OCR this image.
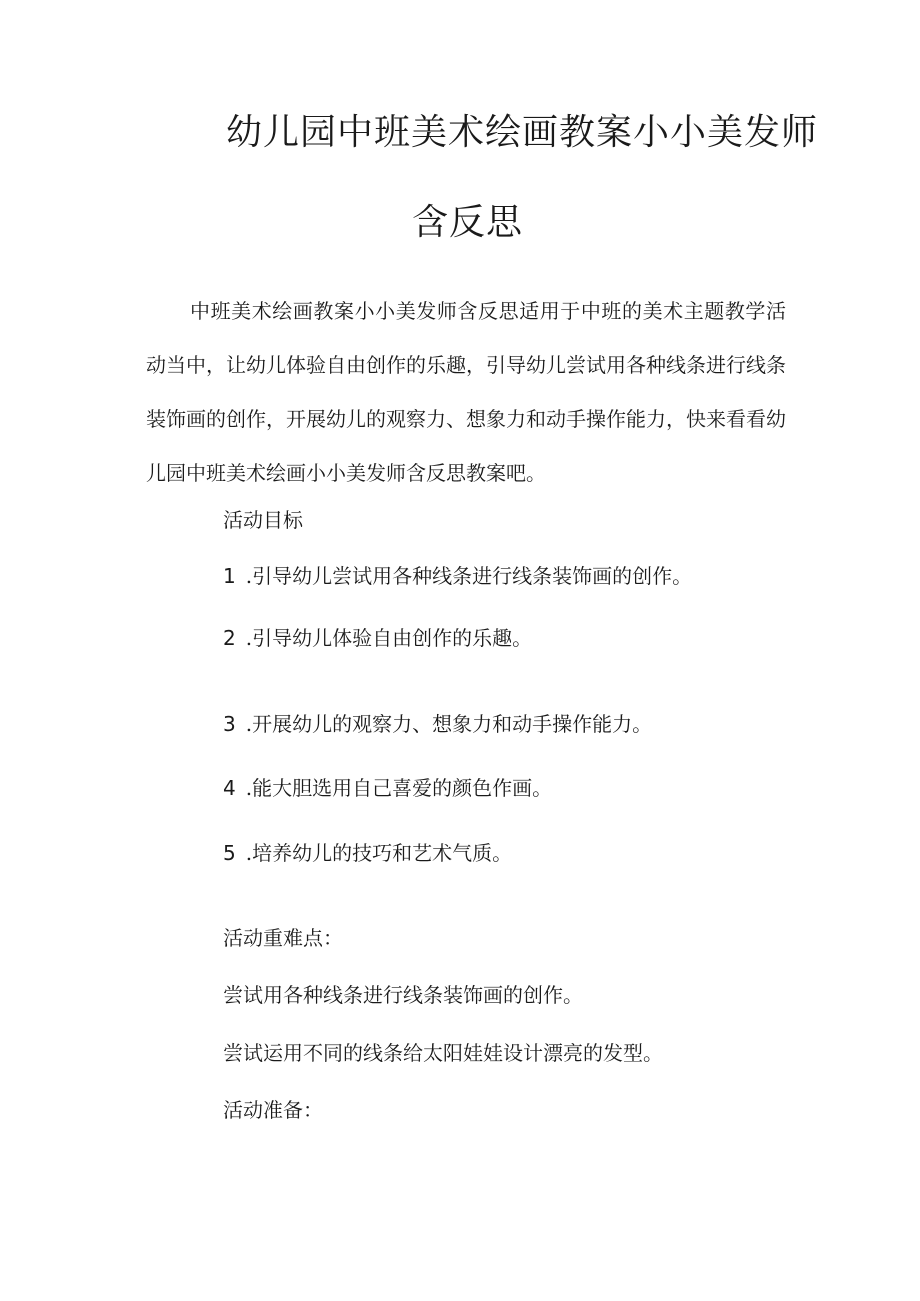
幼儿园中班美术绘画教案小小美发师
含反思

中班美术绘画教案小小美发师含反思适用于中班的美术主题教学活动当中，让幼儿体验自由创作的乐趣，引导幼儿尝试用各种线条进行线条装饰画的创作，开展幼儿的观察力、想象力和动手操作能力，快来看看幼儿园中班美术绘画小小美发师含反思教案吧。

活动目标
1 .引导幼儿尝试用各种线条进行线条装饰画的创作。
2 .引导幼儿体验自由创作的乐趣。
3 .开展幼儿的观察力、想象力和动手操作能力。
4 .能大胆选用自己喜爱的颜色作画。
5 .培养幼儿的技巧和艺术气质。
活动重难点：
尝试用各种线条进行线条装饰画的创作。
尝试运用不同的线条给太阳娃娃设计漂亮的发型。
活动准备：
